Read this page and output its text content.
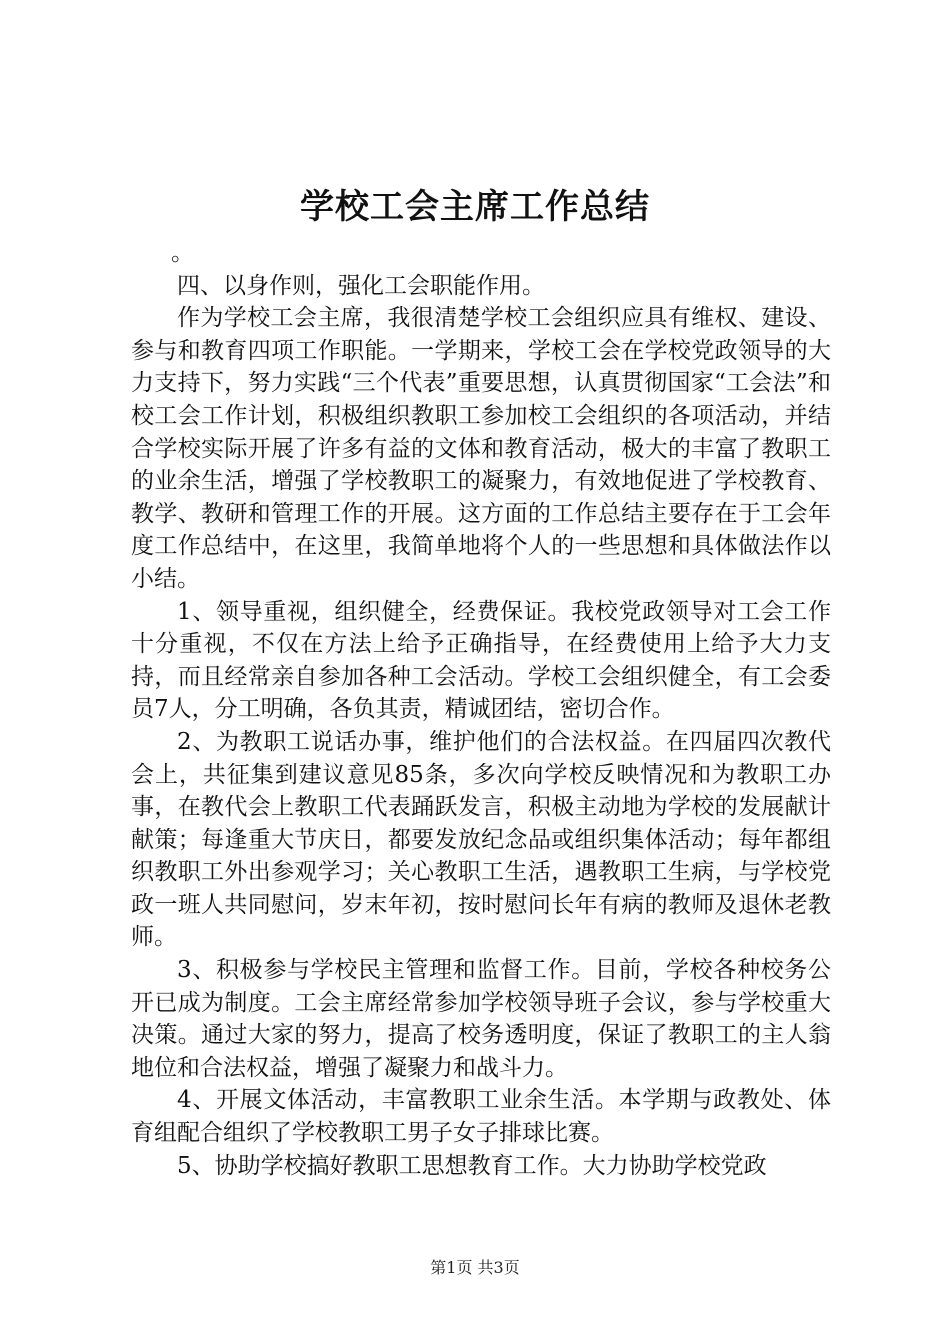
学校工会主席工作总结

。

四、以身作则，强化工会职能作用。

作为学校工会主席，我很清楚学校工会组织应具有维权、建设、参与和教育四项工作职能。一学期来，学校工会在学校党政领导的大力支持下，努力实践“三个代表”重要思想，认真贯彻国家“工会法”和校工会工作计划，积极组织教职工参加校工会组织的各项活动，并结合学校实际开展了许多有益的文体和教育活动，极大的丰富了教职工的业余生活，增强了学校教职工的凝聚力，有效地促进了学校教育、教学、教研和管理工作的开展。这方面的工作总结主要存在于工会年度工作总结中，在这里，我简单地将个人的一些思想和具体做法作以小结。

1、领导重视，组织健全，经费保证。我校党政领导对工会工作十分重视，不仅在方法上给予正确指导，在经费使用上给予大力支持，而且经常亲自参加各种工会活动。学校工会组织健全，有工会委员7人，分工明确，各负其责，精诚团结，密切合作。

2、为教职工说话办事，维护他们的合法权益。在四届四次教代会上，共征集到建议意见85条，多次向学校反映情况和为教职工办事，在教代会上教职工代表踊跃发言，积极主动地为学校的发展献计献策；每逢重大节庆日，都要发放纪念品或组织集体活动；每年都组织教职工外出参观学习；关心教职工生活，遇教职工生病，与学校党政一班人共同慰问，岁末年初，按时慰问长年有病的教师及退休老教师。

3、积极参与学校民主管理和监督工作。目前，学校各种校务公开已成为制度。工会主席经常参加学校领导班子会议，参与学校重大决策。通过大家的努力，提高了校务透明度，保证了教职工的主人翁地位和合法权益，增强了凝聚力和战斗力。

4、开展文体活动，丰富教职工业余生活。本学期与政教处、体育组配合组织了学校教职工男子女子排球比赛。

5、协助学校搞好教职工思想教育工作。大力协助学校党政

第1页 共3页
